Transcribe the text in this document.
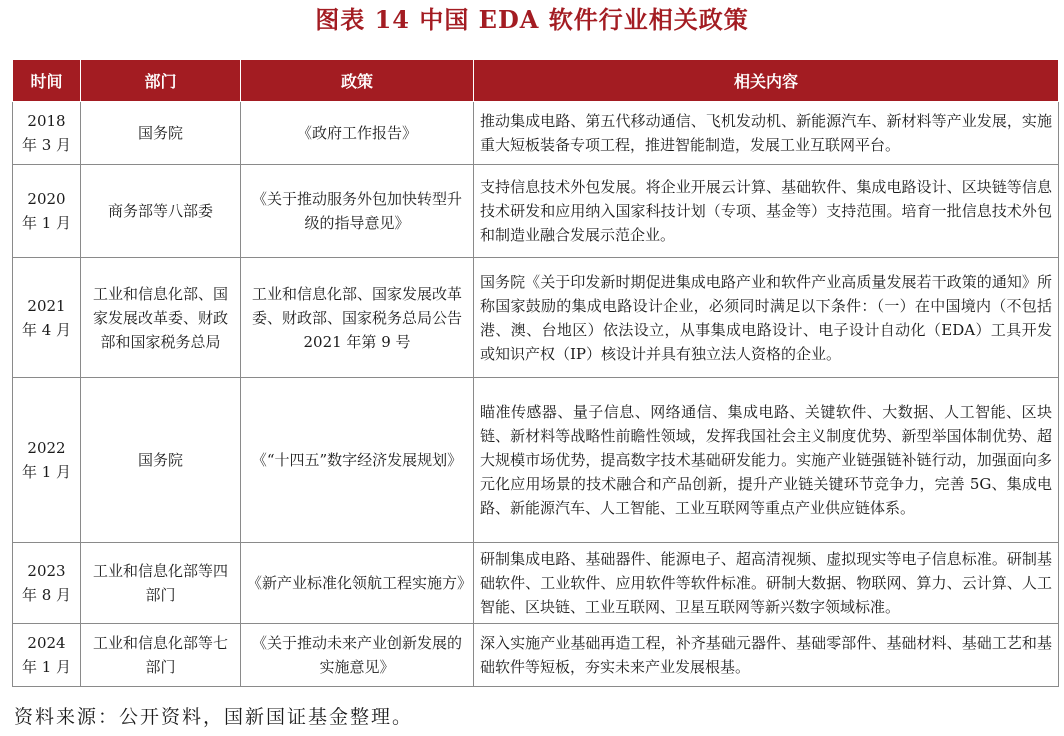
图表 14 中国 EDA 软件行业相关政策
时间	部门	政策	相关内容
2018 年 3 月	国务院	《政府工作报告》	推动集成电路、第五代移动通信、飞机发动机、新能源汽车、新材料等产业发展，实施重大短板装备专项工程，推进智能制造，发展工业互联网平台。
2020 年 1 月	商务部等八部委	《关于推动服务外包加快转型升级的指导意见》	支持信息技术外包发展。将企业开展云计算、基础软件、集成电路设计、区块链等信息技术研发和应用纳入国家科技计划（专项、基金等）支持范围。培育一批信息技术外包和制造业融合发展示范企业。
2021 年 4 月	工业和信息化部、国家发展改革委、财政部和国家税务总局	工业和信息化部、国家发展改革委、财政部、国家税务总局公告 2021 年第 9 号	国务院《关于印发新时期促进集成电路产业和软件产业高质量发展若干政策的通知》所称国家鼓励的集成电路设计企业，必须同时满足以下条件：（一）在中国境内（不包括港、澳、台地区）依法设立，从事集成电路设计、电子设计自动化（EDA）工具开发或知识产权（IP）核设计并具有独立法人资格的企业。
2022 年 1 月	国务院	《“十四五”数字经济发展规划》	瞄准传感器、量子信息、网络通信、集成电路、关键软件、大数据、人工智能、区块链、新材料等战略性前瞻性领域，发挥我国社会主义制度优势、新型举国体制优势、超大规模市场优势，提高数字技术基础研发能力。实施产业链强链补链行动，加强面向多元化应用场景的技术融合和产品创新，提升产业链关键环节竞争力，完善 5G、集成电路、新能源汽车、人工智能、工业互联网等重点产业供应链体系。
2023 年 8 月	工业和信息化部等四部门	《新产业标准化领航工程实施方》	研制集成电路、基础器件、能源电子、超高清视频、虚拟现实等电子信息标准。研制基础软件、工业软件、应用软件等软件标准。研制大数据、物联网、算力、云计算、人工智能、区块链、工业互联网、卫星互联网等新兴数字领域标准。
2024 年 1 月	工业和信息化部等七部门	《关于推动未来产业创新发展的实施意见》	深入实施产业基础再造工程，补齐基础元器件、基础零部件、基础材料、基础工艺和基础软件等短板，夯实未来产业发展根基。
资料来源：公开资料，国新国证基金整理。
